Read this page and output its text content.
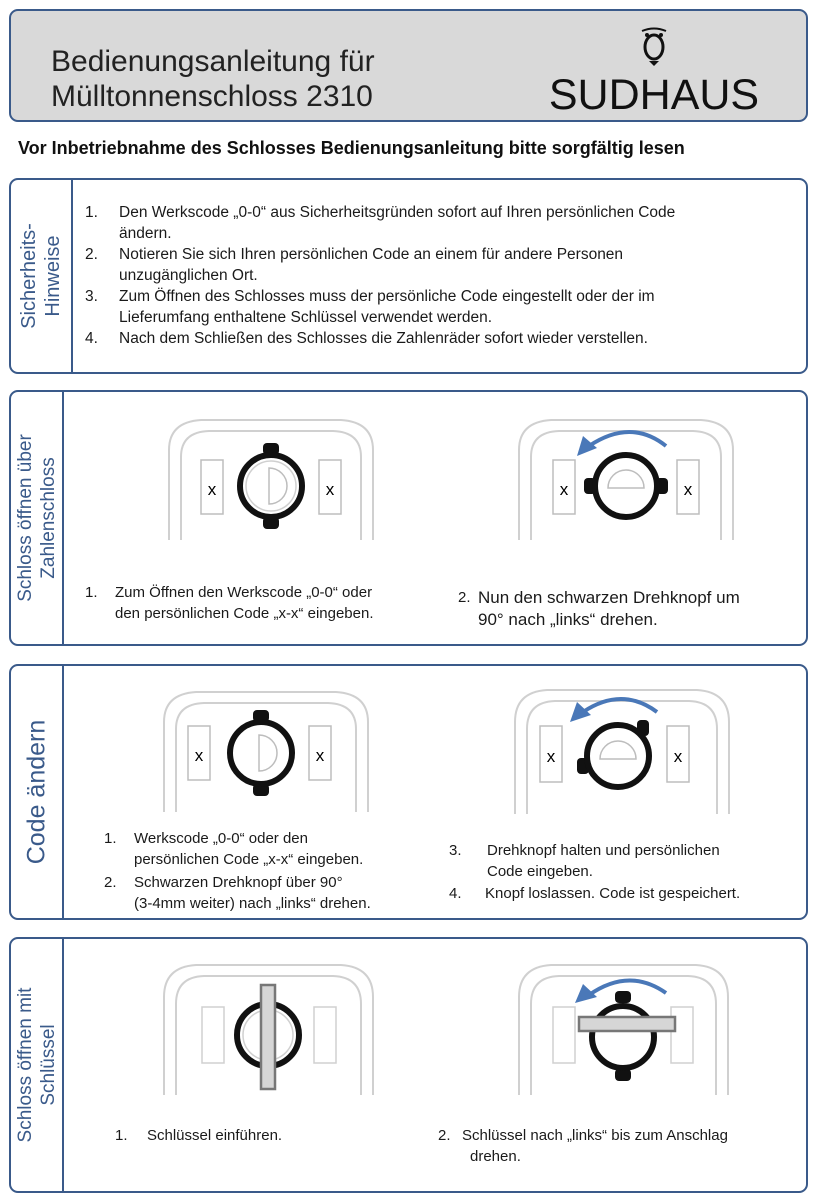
Bedienungsanleitung für
Mülltonnenschloss 2310	SUDHAUS
Vor Inbetriebnahme des Schlosses Bedienungsanleitung bitte sorgfältig lesen
Sicherheits- Hinweise
1. Den Werkscode „0-0“ aus Sicherheitsgründen sofort auf Ihren persönlichen Code
ändern.
2. Notieren Sie sich Ihren persönlichen Code an einem für andere Personen
unzugänglichen Ort.
3. Zum Öffnen des Schlosses muss der persönliche Code eingestellt oder der im
Lieferumfang enthaltene Schlüssel verwendet werden.
4. Nach dem Schließen des Schlosses die Zahlenräder sofort wieder verstellen.
Schloss öffnen über Zahlenschloss	x	x	x	x
1.	Zum Öffnen den Werkscode „0-0“ oder
den persönlichen Code „x-x“ eingeben.
2. Nun den schwarzen Drehknopf um
90° nach „links“ drehen.
Code ändern	x	x	x	x
1.	Werkscode „0-0“ oder den
persönlichen Code „x-x“ eingeben.
2.	Schwarzen Drehknopf über 90°
(3-4mm weiter) nach „links“ drehen.
3.	Drehknopf halten und persönlichen
Code eingeben.
4.	Knopf loslassen. Code ist gespeichert.
Schloss öffnen mit Schlüssel
1.	Schlüssel einführen.	2. Schlüssel nach „links“ bis zum Anschlag
drehen.
